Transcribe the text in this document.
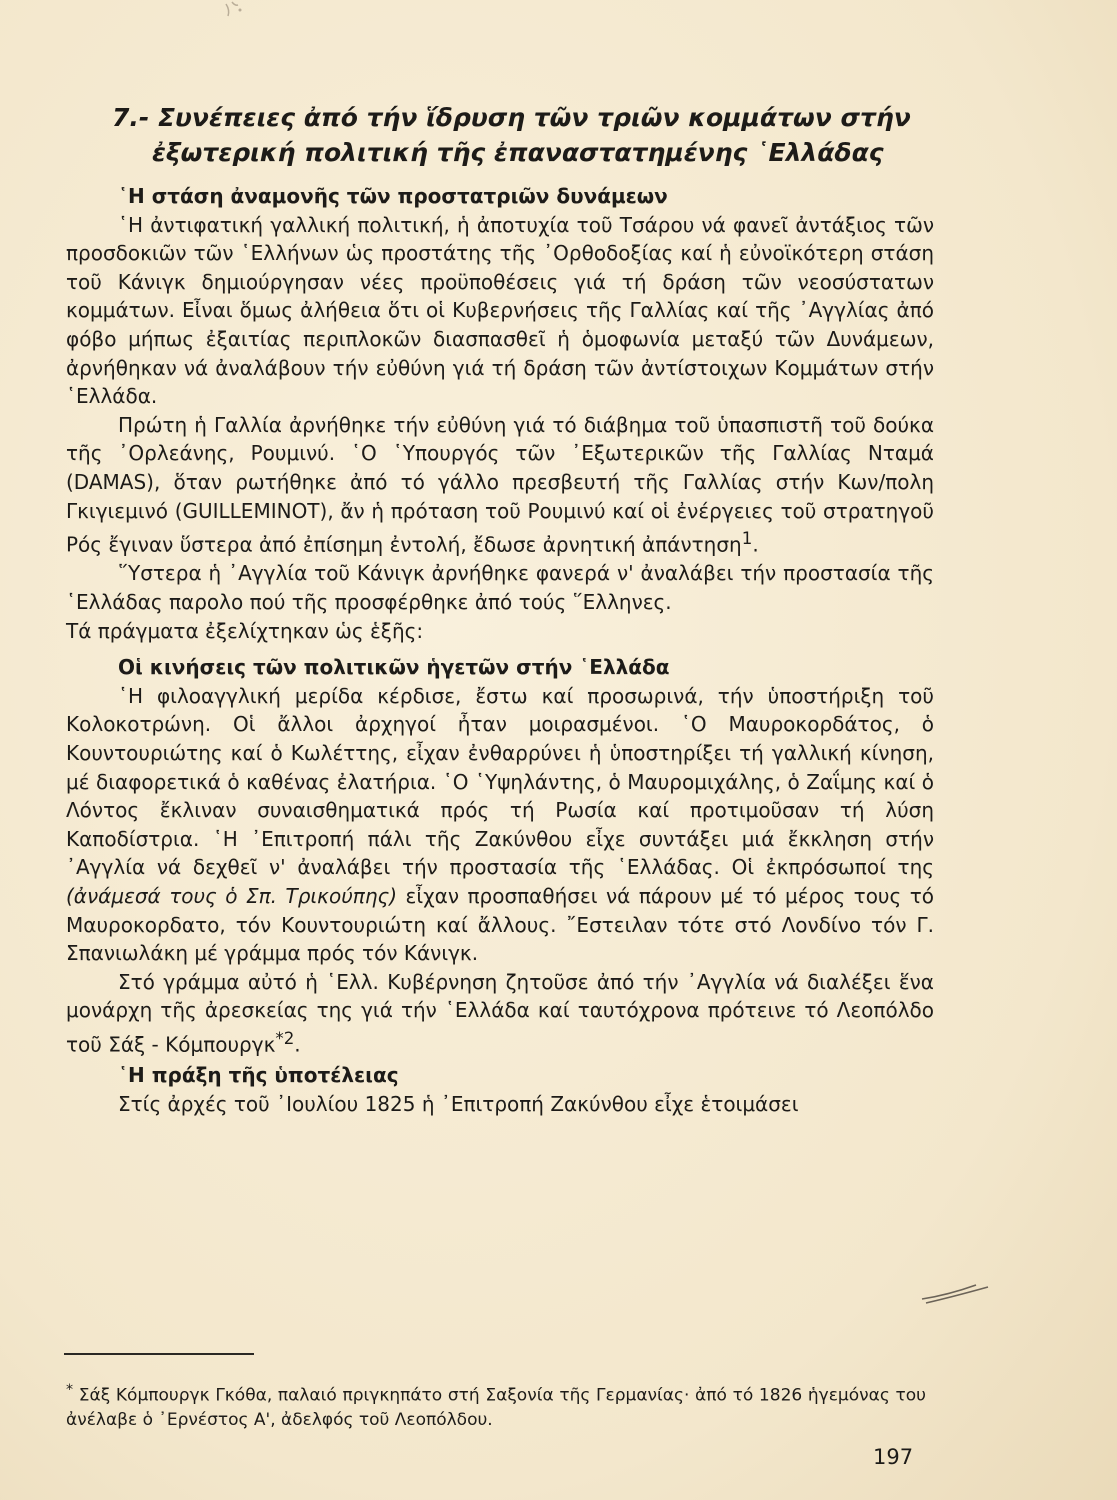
7.- Συνέπειες ἀπό τήν ἵδρυση τῶν τριῶν κομμάτων στήν
ἐξωτερική πολιτική τῆς ἐπαναστατημένης ῾Ελλάδας

῾Η στάση ἀναμονῆς τῶν προστατριῶν δυνάμεων

῾Η ἀντιφατική γαλλική πολιτική, ἡ ἀποτυχία τοῦ Τσάρου νά φανεῖ ἀντάξιος τῶν προσδοκιῶν τῶν ῾Ελλήνων ὡς προστάτης τῆς ᾿Ορθοδοξίας καί ἡ εὐνοϊκότερη στάση τοῦ Κάνιγκ δημιούργησαν νέες προϋποθέσεις γιά τή δράση τῶν νεοσύστατων κομμάτων. Εἶναι ὅμως ἀλήθεια ὅτι οἱ Κυβερνήσεις τῆς Γαλλίας καί τῆς ᾿Αγγλίας ἀπό φόβο μήπως ἐξαιτίας περιπλοκῶν διασπασθεῖ ἡ ὁμοφωνία μεταξύ τῶν Δυνάμεων, ἀρνήθηκαν νά ἀναλάβουν τήν εὐθύνη γιά τή δράση τῶν ἀντίστοιχων Κομμάτων στήν ῾Ελλάδα.

Πρώτη ἡ Γαλλία ἀρνήθηκε τήν εὐθύνη γιά τό διάβημα τοῦ ὑπασπιστῆ τοῦ δούκα τῆς ᾿Ορλεάνης, Ρουμινύ. ῾Ο ῾Υπουργός τῶν ᾿Εξωτερικῶν τῆς Γαλλίας Νταμά (DAMAS), ὅταν ρωτήθηκε ἀπό τό γάλλο πρεσβευτή τῆς Γαλλίας στήν Κων/πολη Γκιγιεμινό (GUILLEMINOT), ἄν ἡ πρόταση τοῦ Ρουμινύ καί οἱ ἐνέργειες τοῦ στρατηγοῦ Ρός ἔγιναν ὕστερα ἀπό ἐπίσημη ἐντολή, ἔδωσε ἀρνητική ἀπάντηση$^1$.

῞Υστερα ἡ ᾿Αγγλία τοῦ Κάνιγκ ἀρνήθηκε φανερά ν' ἀναλάβει τήν προστασία τῆς ῾Ελλάδας παρολο πού τῆς προσφέρθηκε ἀπό τούς ῞Ελληνες.

Τά πράγματα ἐξελίχτηκαν ὡς ἑξῆς:

Οἱ κινήσεις τῶν πολιτικῶν ἡγετῶν στήν ῾Ελλάδα

῾Η φιλοαγγλική μερίδα κέρδισε, ἔστω καί προσωρινά, τήν ὑποστήριξη τοῦ Κολοκοτρώνη. Οἱ ἄλλοι ἀρχηγοί ἦταν μοιρασμένοι. ῾Ο Μαυροκορδάτος, ὁ Κουντουριώτης καί ὁ Κωλέττης, εἶχαν ἐνθαρρύνει ἡ ὑποστηρίξει τή γαλλική κίνηση, μέ διαφορετικά ὁ καθένας ἐλατήρια. ῾Ο ῾Υψηλάντης, ὁ Μαυρομιχάλης, ὁ Ζαΐμης καί ὁ Λόντος ἔκλιναν συναισθηματικά πρός τή Ρωσία καί προτιμοῦσαν τή λύση Καποδίστρια. ῾Η ᾿Επιτροπή πάλι τῆς Ζακύνθου εἶχε συντάξει μιά ἔκκληση στήν ᾿Αγγλία νά δεχθεῖ ν' ἀναλάβει τήν προστασία τῆς ῾Ελλάδας. Οἱ ἐκπρόσωποί της (ἀνάμεσά τους ὁ Σπ. Τρικούπης) εἶχαν προσπαθήσει νά πάρουν μέ τό μέρος τους τό Μαυροκορδατο, τόν Κουντουριώτη καί ἄλλους. ῎Εστειλαν τότε στό Λονδίνο τόν Γ. Σπανιωλάκη μέ γράμμα πρός τόν Κάνιγκ.

Στό γράμμα αὐτό ἡ ῾Ελλ. Κυβέρνηση ζητοῦσε ἀπό τήν ᾿Αγγλία νά διαλέξει ἕνα μονάρχη τῆς ἀρεσκείας της γιά τήν ῾Ελλάδα καί ταυτόχρονα πρότεινε τό Λεοπόλδο τοῦ Σάξ - Κόμπουργκ$^{*2}$.

῾Η πράξη τῆς ὑποτέλειας

Στίς ἀρχές τοῦ ᾿Ιουλίου 1825 ἡ ᾿Επιτροπή Ζακύνθου εἶχε ἑτοιμάσει

* Σάξ Κόμπουργκ Γκόθα, παλαιό πριγκηπάτο στή Σαξονία τῆς Γερμανίας· ἀπό τό 1826 ἡγεμόνας του ἀνέλαβε ὁ ᾿Ερνέστος Α', ἀδελφός τοῦ Λεοπόλδου.

197
